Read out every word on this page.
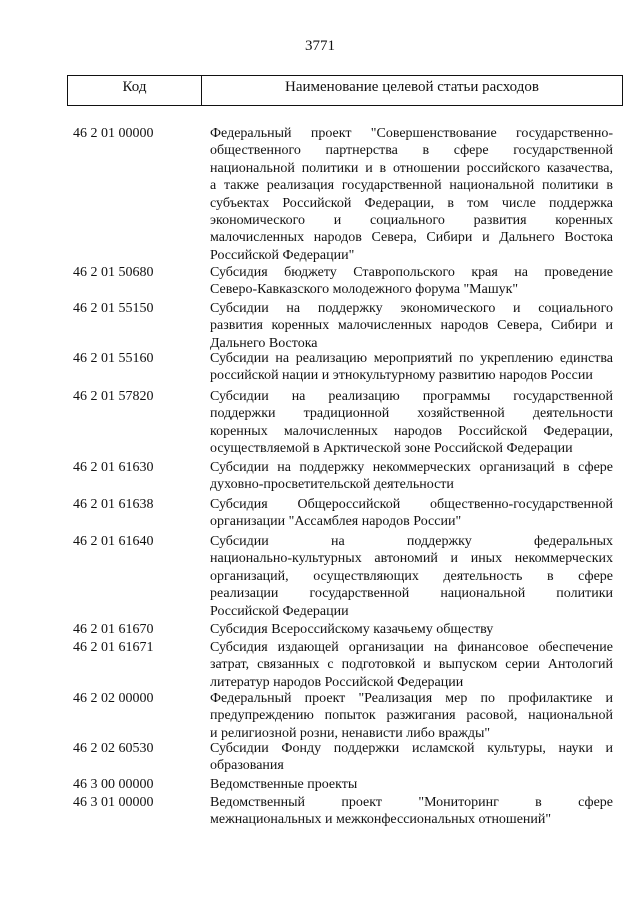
3771
Код	Наименование целевой статьи расходов
46 2 01 00000	Федеральный проект "Совершенствование государственно-
общественного партнерства в сфере государственной
национальной политики и в отношении российского казачества,
а также реализация государственной национальной политики в
субъектах Российской Федерации, в том числе поддержка
экономического и социального развития коренных
малочисленных народов Севера, Сибири и Дальнего Востока
Российской Федерации"
46 2 01 50680	Субсидия бюджету Ставропольского края на проведение
Северо-Кавказского молодежного форума "Машук"
46 2 01 55150	Субсидии на поддержку экономического и социального
развития коренных малочисленных народов Севера, Сибири и
Дальнего Востока
46 2 01 55160	Субсидии на реализацию мероприятий по укреплению единства
российской нации и этнокультурному развитию народов России
46 2 01 57820	Субсидии на реализацию программы государственной
поддержки традиционной хозяйственной деятельности
коренных малочисленных народов Российской Федерации,
осуществляемой в Арктической зоне Российской Федерации
46 2 01 61630	Субсидии на поддержку некоммерческих организаций в сфере
духовно-просветительской деятельности
46 2 01 61638	Субсидия Общероссийской общественно-государственной
организации "Ассамблея народов России"
46 2 01 61640	Субсидии на поддержку федеральных
национально-культурных автономий и иных некоммерческих
организаций, осуществляющих деятельность в сфере
реализации государственной национальной политики
Российской Федерации
46 2 01 61670	Субсидия Всероссийскому казачьему обществу
46 2 01 61671	Субсидия издающей организации на финансовое обеспечение
затрат, связанных с подготовкой и выпуском серии Антологий
литератур народов Российской Федерации
46 2 02 00000	Федеральный проект "Реализация мер по профилактике и
предупреждению попыток разжигания расовой, национальной
и религиозной розни, ненависти либо вражды"
46 2 02 60530	Субсидии Фонду поддержки исламской культуры, науки и
образования
46 3 00 00000	Ведомственные проекты
46 3 01 00000	Ведомственный проект "Мониторинг в сфере
межнациональных и межконфессиональных отношений"
